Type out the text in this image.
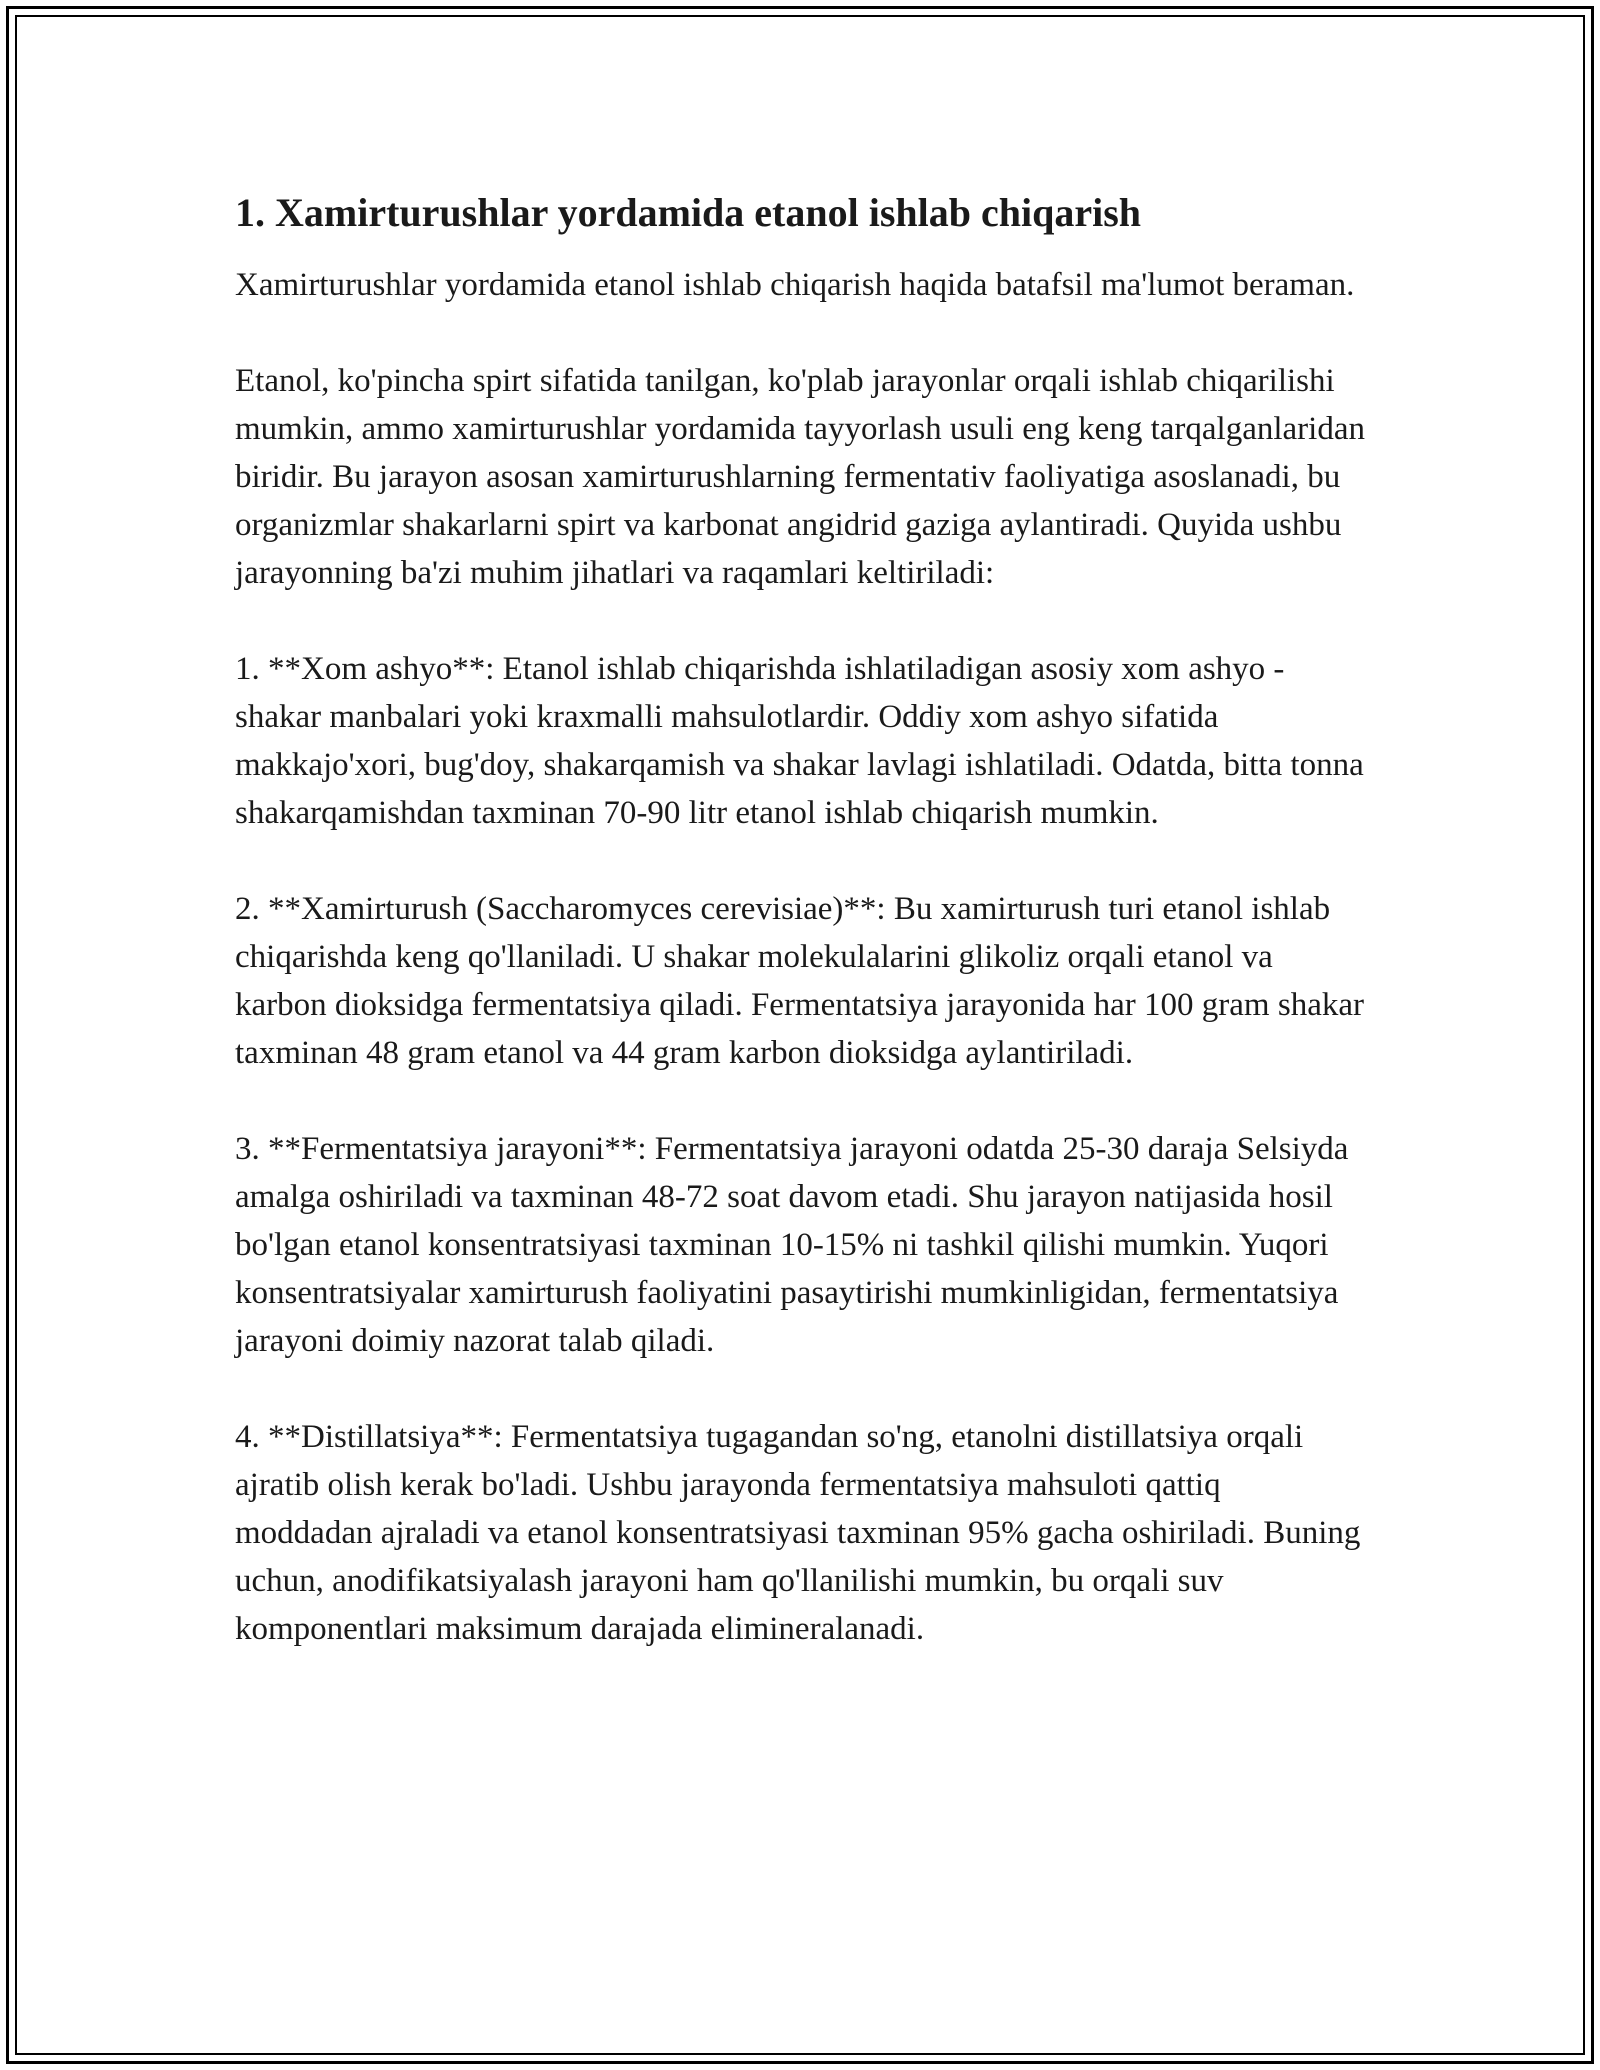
1. Xamirturushlar yordamida etanol ishlab chiqarish

Xamirturushlar yordamida etanol ishlab chiqarish haqida batafsil ma'lumot beraman.

Etanol, ko'pincha spirt sifatida tanilgan, ko'plab jarayonlar orqali ishlab chiqarilishi mumkin, ammo xamirturushlar yordamida tayyorlash usuli eng keng tarqalganlaridan biridir. Bu jarayon asosan xamirturushlarning fermentativ faoliyatiga asoslanadi, bu organizmlar shakarlarni spirt va karbonat angidrid gaziga aylantiradi. Quyida ushbu jarayonning ba'zi muhim jihatlari va raqamlari keltiriladi:

1. **Xom ashyo**: Etanol ishlab chiqarishda ishlatiladigan asosiy xom ashyo - shakar manbalari yoki kraxmalli mahsulotlardir. Oddiy xom ashyo sifatida makkajo'xori, bug'doy, shakarqamish va shakar lavlagi ishlatiladi. Odatda, bitta tonna shakarqamishdan taxminan 70-90 litr etanol ishlab chiqarish mumkin.

2. **Xamirturush (Saccharomyces cerevisiae)**: Bu xamirturush turi etanol ishlab chiqarishda keng qo'llaniladi. U shakar molekulalarini glikoliz orqali etanol va karbon dioksidga fermentatsiya qiladi. Fermentatsiya jarayonida har 100 gram shakar taxminan 48 gram etanol va 44 gram karbon dioksidga aylantiriladi.

3. **Fermentatsiya jarayoni**: Fermentatsiya jarayoni odatda 25-30 daraja Selsiyda amalga oshiriladi va taxminan 48-72 soat davom etadi. Shu jarayon natijasida hosil bo'lgan etanol konsentratsiyasi taxminan 10-15% ni tashkil qilishi mumkin. Yuqori konsentratsiyalar xamirturush faoliyatini pasaytirishi mumkinligidan, fermentatsiya jarayoni doimiy nazorat talab qiladi.

4. **Distillatsiya**: Fermentatsiya tugagandan so'ng, etanolni distillatsiya orqali ajratib olish kerak bo'ladi. Ushbu jarayonda fermentatsiya mahsuloti qattiq moddadan ajraladi va etanol konsentratsiyasi taxminan 95% gacha oshiriladi. Buning uchun, anodifikatsiyalash jarayoni ham qo'llanilishi mumkin, bu orqali suv komponentlari maksimum darajada elimineralanadi.
